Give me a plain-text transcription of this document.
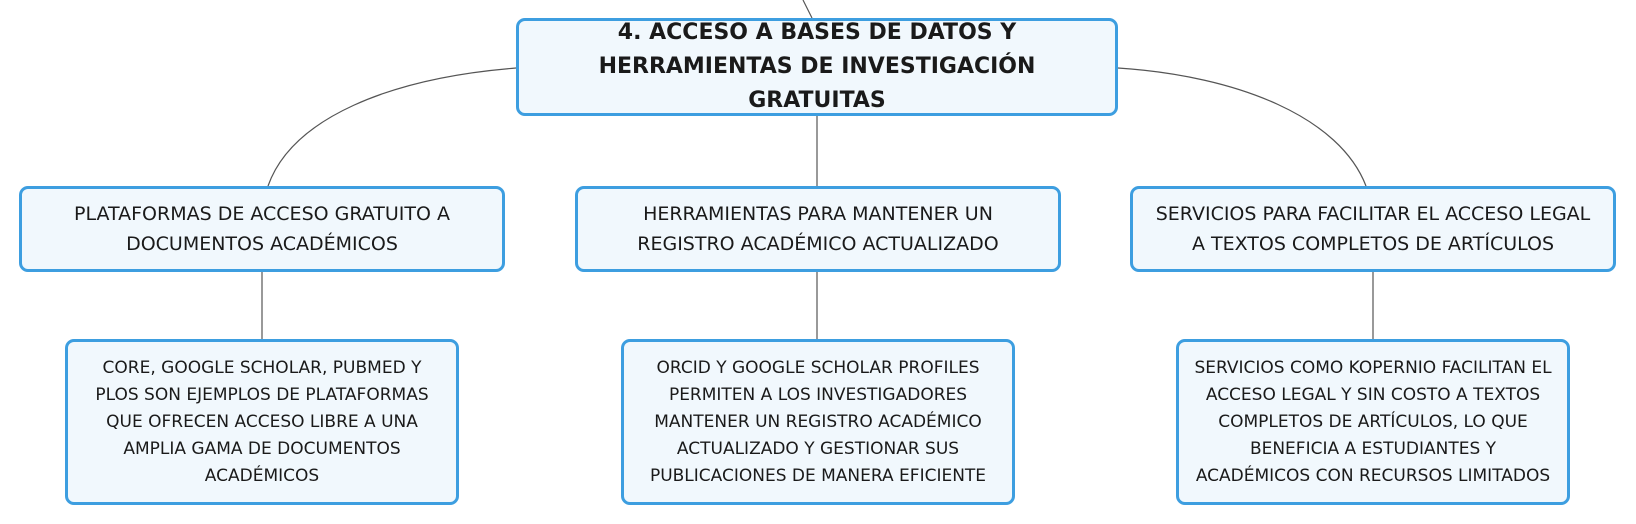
4. ACCESO A BASES DE DATOS Y HERRAMIENTAS DE INVESTIGACIÓN GRATUITAS
PLATAFORMAS DE ACCESO GRATUITO A DOCUMENTOS ACADÉMICOS
HERRAMIENTAS PARA MANTENER UN REGISTRO ACADÉMICO ACTUALIZADO
SERVICIOS PARA FACILITAR EL ACCESO LEGAL A TEXTOS COMPLETOS DE ARTÍCULOS
CORE, GOOGLE SCHOLAR, PUBMED Y PLOS SON EJEMPLOS DE PLATAFORMAS QUE OFRECEN ACCESO LIBRE A UNA AMPLIA GAMA DE DOCUMENTOS ACADÉMICOS
ORCID Y GOOGLE SCHOLAR PROFILES PERMITEN A LOS INVESTIGADORES MANTENER UN REGISTRO ACADÉMICO ACTUALIZADO Y GESTIONAR SUS PUBLICACIONES DE MANERA EFICIENTE
SERVICIOS COMO KOPERNIO FACILITAN EL ACCESO LEGAL Y SIN COSTO A TEXTOS COMPLETOS DE ARTÍCULOS, LO QUE BENEFICIA A ESTUDIANTES Y ACADÉMICOS CON RECURSOS LIMITADOS
